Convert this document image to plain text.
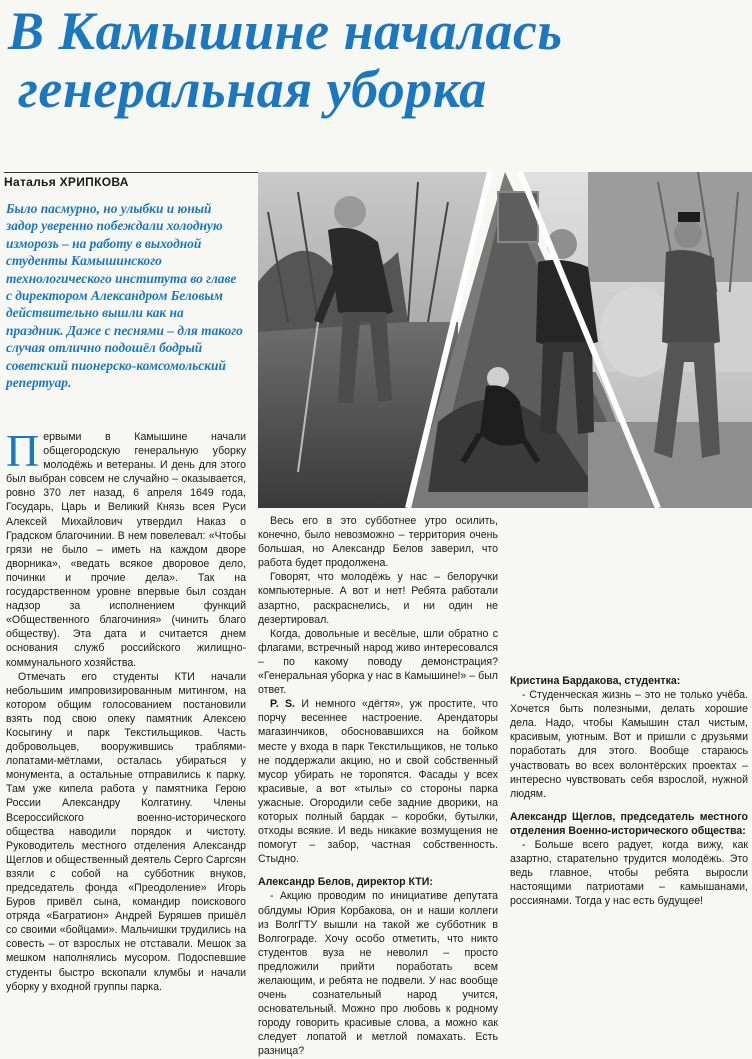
В Камышине началась
генеральная уборка
Наталья ХРИПКОВА
Было пасмурно, но улыбки и юный задор уверенно побеждали холодную изморозь – на работу в выходной студенты Камышинского технологического института во главе с директором Александром Беловым действительно вышли как на праздник. Даже с песнями – для такого случая отлично подошёл бодрый советский пионерско-комсомольский репертуар.

Первыми в Камышине начали общегородскую генеральную уборку молодёжь и ветераны. И день для этого был выбран совсем не случайно – оказывается, ровно 370 лет назад, 6 апреля 1649 года, Государь, Царь и Великий Князь всея Руси Алексей Михайлович утвердил Наказ о Градском благочинии. В нем повелевал: «Чтобы грязи не было – иметь на каждом дворе дворника», «ведать всякое дворовое дело, починки и прочие дела». Так на государственном уровне впервые был создан надзор за исполнением функций «Общественного благочиния» (чинить благо обществу). Эта дата и считается днем основания служб российского жилищно-коммунального хозяйства.

Отмечать его студенты КТИ начали небольшим импровизированным митингом, на котором общим голосованием постановили взять под свою опеку памятник Алексею Косыгину и парк Текстильщиков. Часть добровольцев, вооружившись траблями-лопатами-мётлами, осталась убираться у монумента, а остальные отправились к парку. Там уже кипела работа у памятника Герою России Александру Колгатину. Члены Всероссийского военно-исторического общества наводили порядок и чистоту. Руководитель местного отделения Александр Щеглов и общественный деятель Серго Саргсян взяли с собой на субботник внуков, председатель фонда «Преодоление» Игорь Буров привёл сына, командир поискового отряда «Багратион» Андрей Буряшев пришёл со своими «бойцами». Мальчишки трудились на совесть – от взрослых не отставали. Мешок за мешком наполнялись мусором. Подоспевшие студенты быстро вскопали клумбы и начали уборку у входной группы парка.

Весь его в это субботнее утро осилить, конечно, было невозможно – территория очень большая, но Александр Белов заверил, что работа будет продолжена.

Говорят, что молодёжь у нас – белоручки компьютерные. А вот и нет! Ребята работали азартно, раскраснелись, и ни один не дезертировал.

Когда, довольные и весёлые, шли обратно с флагами, встречный народ живо интересовался – по какому поводу демонстрация? «Генеральная уборка у нас в Камышине!» – был ответ.

P. S. И немного «дёгтя», уж простите, что порчу весеннее настроение. Арендаторы магазинчиков, обосновавшихся на бойком месте у входа в парк Текстильщиков, не только не поддержали акцию, но и свой собственный мусор убирать не торопятся. Фасады у всех красивые, а вот «тылы» со стороны парка ужасные. Огородили себе задние дворики, на которых полный бардак – коробки, бутылки, отходы всякие. И ведь никакие возмущения не помогут – забор, частная собственность. Стыдно.

Александр Белов, директор КТИ:

- Акцию проводим по инициативе депутата облдумы Юрия Корбакова, он и наши коллеги из ВолгГТУ вышли на такой же субботник в Волгограде. Хочу особо отметить, что никто студентов вуза не неволил – просто предложили прийти поработать всем желающим, и ребята не подвели. У нас вообще очень сознательный народ учится, основательный. Можно про любовь к родному городу говорить красивые слова, а можно как следует лопатой и метлой помахать. Есть разница?

Кристина Бардакова, студентка:

- Студенческая жизнь – это не только учёба. Хочется быть полезными, делать хорошие дела. Надо, чтобы Камышин стал чистым, красивым, уютным. Вот и пришли с друзьями поработать для этого. Вообще стараюсь участвовать во всех волонтёрских проектах – интересно чувствовать себя взрослой, нужной людям.

Александр Щеглов, председатель местного отделения Военно-исторического общества:

- Больше всего радует, когда вижу, как азартно, старательно трудится молодёжь. Это ведь главное, чтобы ребята выросли настоящими патриотами – камышанами, россиянами. Тогда у нас есть будущее!
